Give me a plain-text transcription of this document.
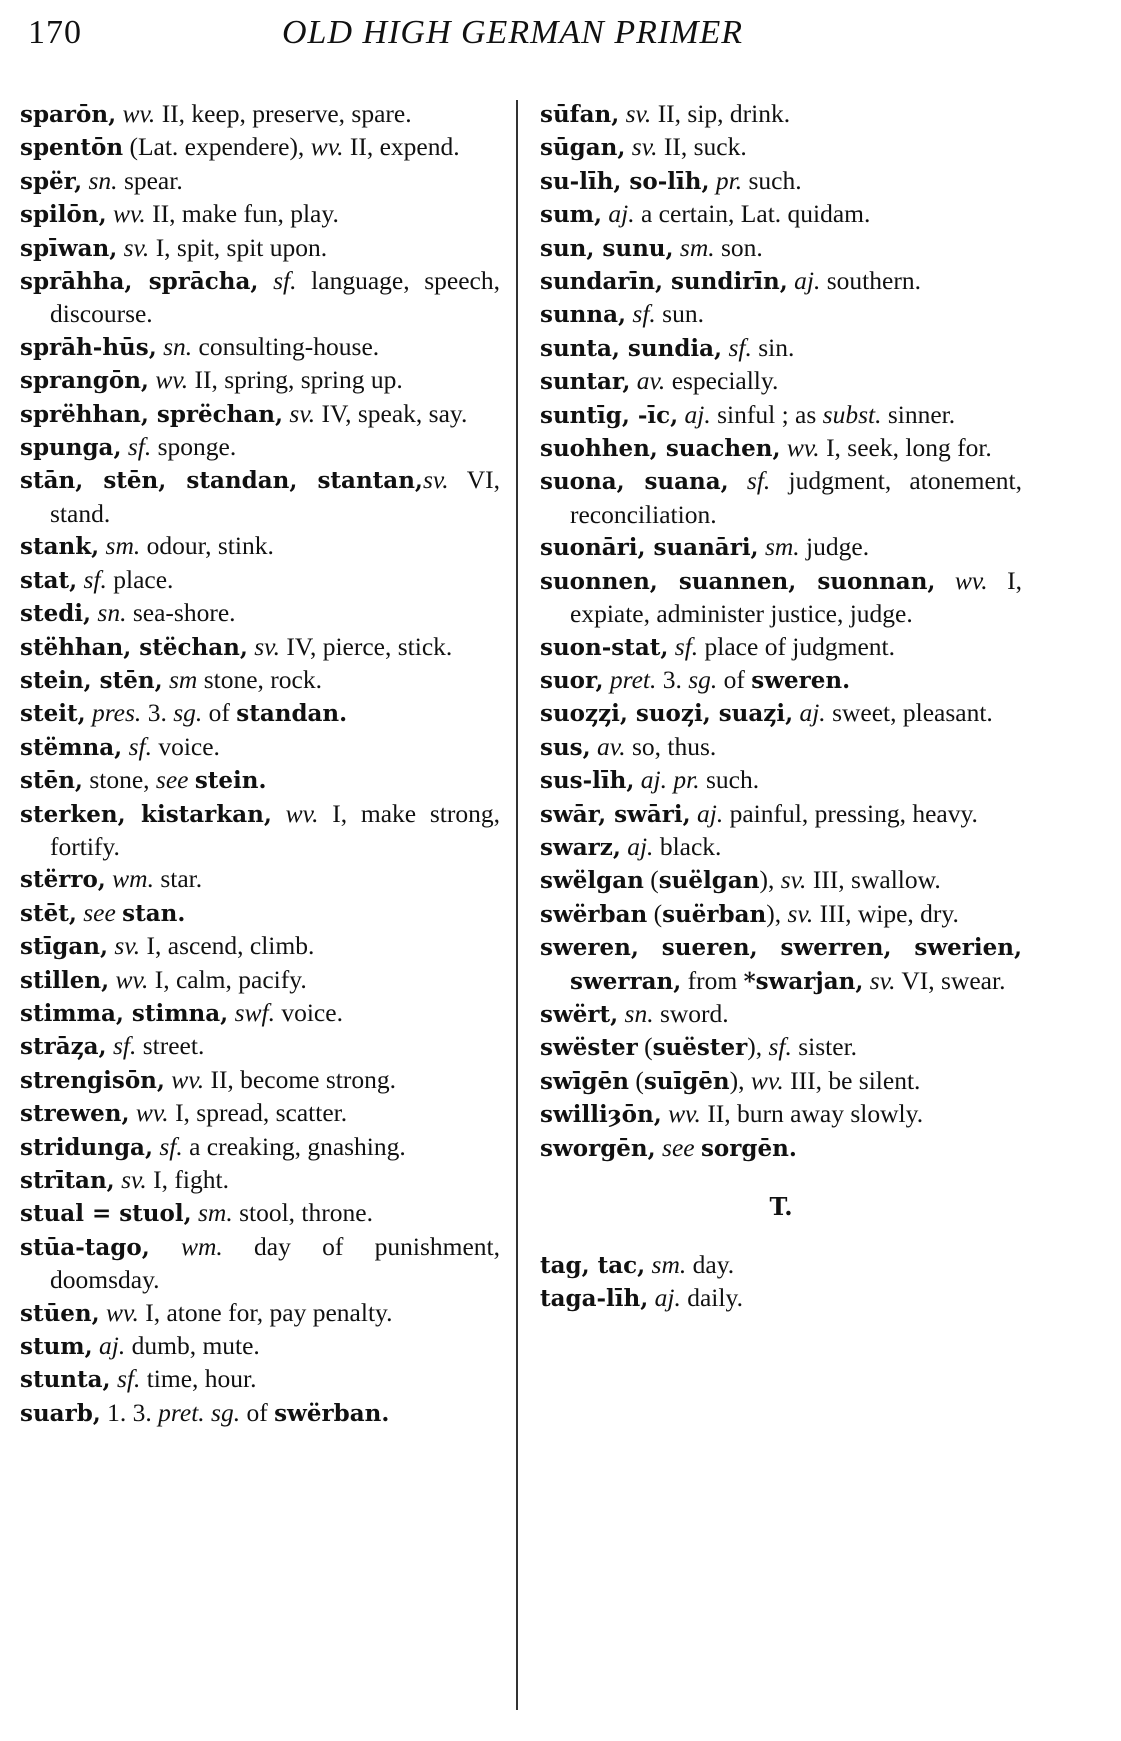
170	OLD HIGH GERMAN PRIMER
sparōn, wv. II, keep, preserve, spare.
spentōn (Lat. expendere), wv. II, expend.
spër, sn. spear.
spilōn, wv. II, make fun, play.
spīwan, sv. I, spit, spit upon.
sprāhha, sprācha, sf. language, speech, discourse.
sprāh-hūs, sn. consulting-house.
sprangōn, wv. II, spring, spring up.
sprëhhan, sprëchan, sv. IV, speak, say.
spunga, sf. sponge.
stān, stēn, standan, stantan,sv. VI, stand.
stank, sm. odour, stink.
stat, sf. place.
stedi, sn. sea-shore.
stëhhan, stëchan, sv. IV, pierce, stick.
stein, stēn, sm stone, rock.
steit, pres. 3. sg. of standan.
stëmna, sf. voice.
stēn, stone, see stein.
sterken, kistarkan, wv. I, make strong, fortify.
stërro, wm. star.
stēt, see stan.
stīgan, sv. I, ascend, climb.
stillen, wv. I, calm, pacify.
stimma, stimna, swf. voice.
strāȥa, sf. street.
strengisōn, wv. II, become strong.
strewen, wv. I, spread, scatter.
stridunga, sf. a creaking, gnashing.
strītan, sv. I, fight.
stual = stuol, sm. stool, throne.
stūa-tago, wm. day of punishment, doomsday.
stūen, wv. I, atone for, pay penalty.
stum, aj. dumb, mute.
stunta, sf. time, hour.
suarb, 1. 3. pret. sg. of swërban.
sūfan, sv. II, sip, drink.
sūgan, sv. II, suck.
su-līh, so-līh, pr. such.
sum, aj. a certain, Lat. quidam.
sun, sunu, sm. son.
sundarīn, sundirīn, aj. southern.
sunna, sf. sun.
sunta, sundia, sf. sin.
suntar, av. especially.
suntīg, -īc, aj. sinful ; as subst. sinner.
suohhen, suachen, wv. I, seek, long for.
suona, suana, sf. judgment, atonement, reconciliation.
suonāri, suanāri, sm. judge.
suonnen, suannen, suonnan, wv. I, expiate, administer justice, judge.
suon-stat, sf. place of judgment.
suor, pret. 3. sg. of sweren.
suoȥȥi, suoȥi, suaȥi, aj. sweet, pleasant.
sus, av. so, thus.
sus-līh, aj. pr. such.
swār, swāri, aj. painful, pressing, heavy.
swarz, aj. black.
swëlgan (suëlgan), sv. III, swallow.
swërban (suërban), sv. III, wipe, dry.
sweren, sueren, swerren, swerien, swerran, from *swarjan, sv. VI, swear.
swërt, sn. sword.
swëster (suëster), sf. sister.
swīgēn (suīgēn), wv. III, be silent.
swilliȝōn, wv. II, burn away slowly.
sworgēn, see sorgēn.
T.
tag, tac, sm. day.
taga-līh, aj. daily.
